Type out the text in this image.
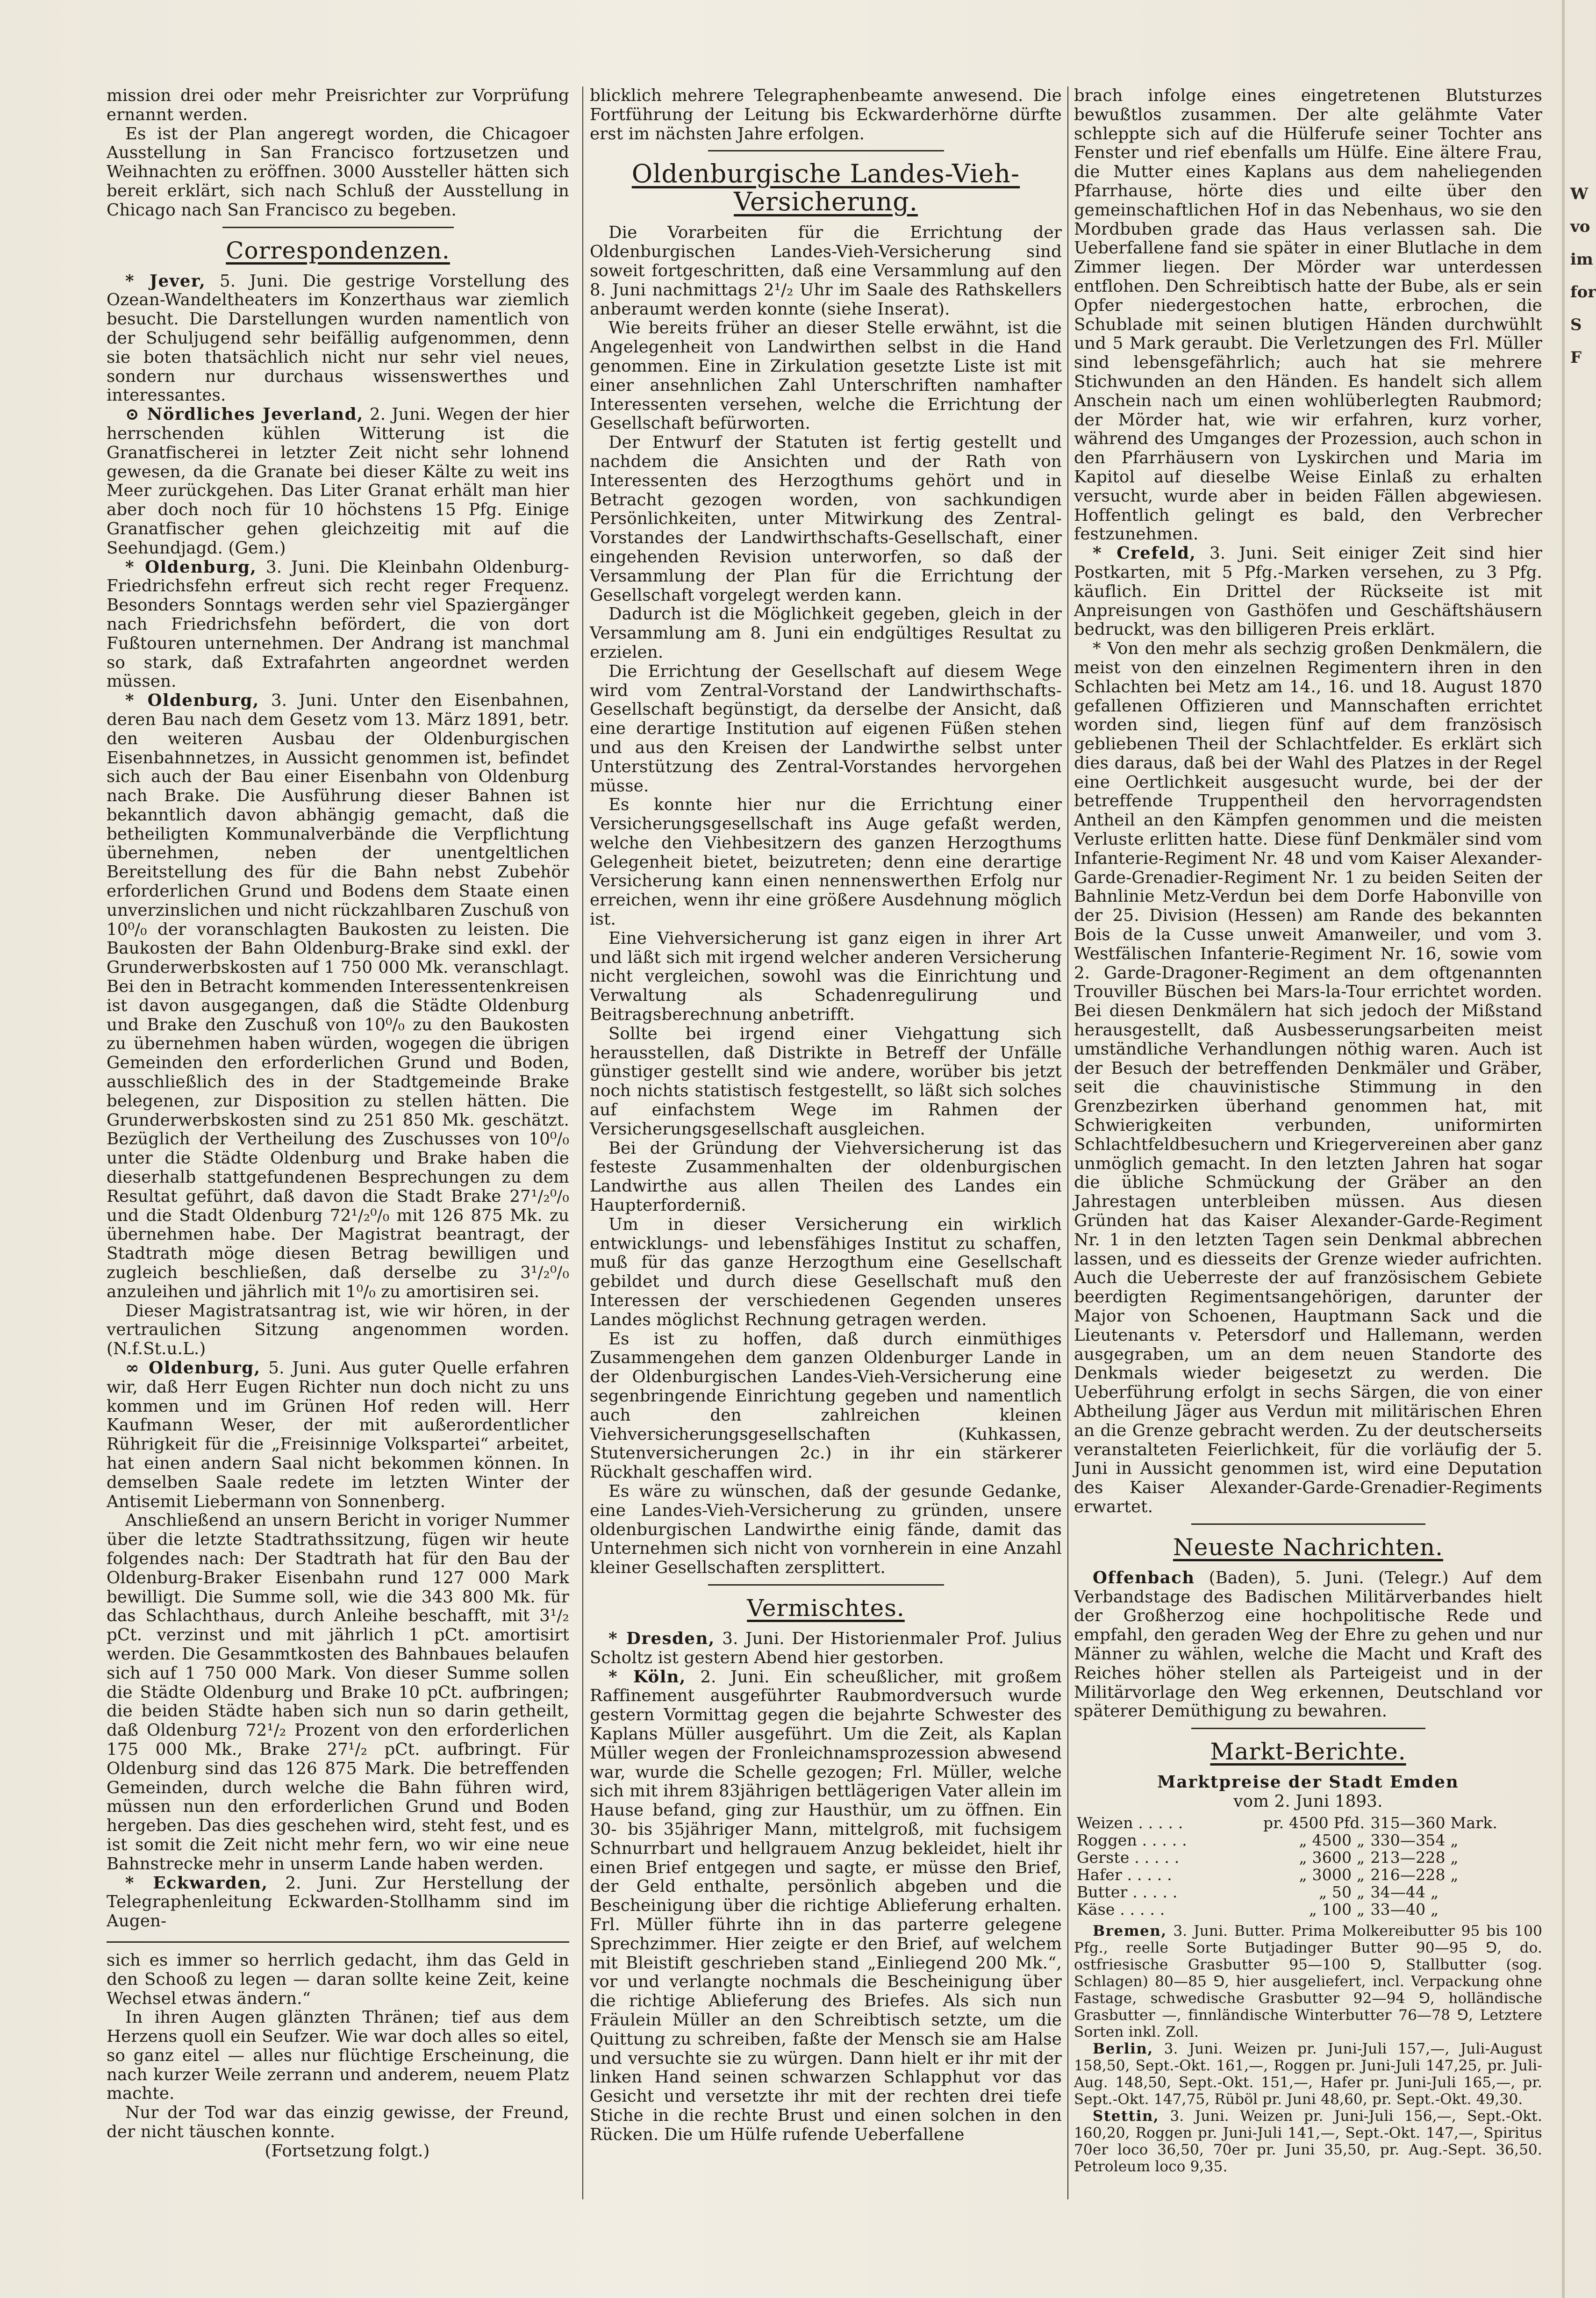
mission drei oder mehr Preisrichter zur Vorprüfung ernannt werden.

Es ist der Plan angeregt worden, die Chicagoer Ausstellung in San Francisco fortzusetzen und Weihnachten zu eröffnen. 3000 Aussteller hätten sich bereit erklärt, sich nach Schluß der Ausstellung in Chicago nach San Francisco zu begeben.

Correspondenzen.

* Jever, 5. Juni. Die gestrige Vorstellung des Ozean-Wandeltheaters im Konzerthaus war ziemlich besucht. Die Darstellungen wurden namentlich von der Schuljugend sehr beifällig aufgenommen, denn sie boten thatsächlich nicht nur sehr viel neues, sondern nur durchaus wissenswerthes und interessantes.

⊙ Nördliches Jeverland, 2. Juni. Wegen der hier herrschenden kühlen Witterung ist die Granatfischerei in letzter Zeit nicht sehr lohnend gewesen, da die Granate bei dieser Kälte zu weit ins Meer zurückgehen. Das Liter Granat erhält man hier aber doch noch für 10 höchstens 15 Pfg. Einige Granatfischer gehen gleichzeitig mit auf die Seehundjagd. (Gem.)

* Oldenburg, 3. Juni. Die Kleinbahn Oldenburg-Friedrichsfehn erfreut sich recht reger Frequenz. Besonders Sonntags werden sehr viel Spaziergänger nach Friedrichsfehn befördert, die von dort Fußtouren unternehmen. Der Andrang ist manchmal so stark, daß Extrafahrten angeordnet werden müssen.

* Oldenburg, 3. Juni. Unter den Eisenbahnen, deren Bau nach dem Gesetz vom 13. März 1891, betr. den weiteren Ausbau der Oldenburgischen Eisenbahnnetzes, in Aussicht genommen ist, befindet sich auch der Bau einer Eisenbahn von Oldenburg nach Brake. Die Ausführung dieser Bahnen ist bekanntlich davon abhängig gemacht, daß die betheiligten Kommunalverbände die Verpflichtung übernehmen, neben der unentgeltlichen Bereitstellung des für die Bahn nebst Zubehör erforderlichen Grund und Bodens dem Staate einen unverzinslichen und nicht rückzahlbaren Zuschuß von 10⁰/₀ der voranschlagten Baukosten zu leisten. Die Baukosten der Bahn Oldenburg-Brake sind exkl. der Grunderwerbskosten auf 1 750 000 Mk. veranschlagt. Bei den in Betracht kommenden Interessentenkreisen ist davon ausgegangen, daß die Städte Oldenburg und Brake den Zuschuß von 10⁰/₀ zu den Baukosten zu übernehmen haben würden, wogegen die übrigen Gemeinden den erforderlichen Grund und Boden, ausschließlich des in der Stadtgemeinde Brake belegenen, zur Disposition zu stellen hätten. Die Grunderwerbskosten sind zu 251 850 Mk. geschätzt. Bezüglich der Vertheilung des Zuschusses von 10⁰/₀ unter die Städte Oldenburg und Brake haben die dieserhalb stattgefundenen Besprechungen zu dem Resultat geführt, daß davon die Stadt Brake 27¹/₂⁰/₀ und die Stadt Oldenburg 72¹/₂⁰/₀ mit 126 875 Mk. zu übernehmen habe. Der Magistrat beantragt, der Stadtrath möge diesen Betrag bewilligen und zugleich beschließen, daß derselbe zu 3¹/₂⁰/₀ anzuleihen und jährlich mit 1⁰/₀ zu amortisiren sei.

Dieser Magistratsantrag ist, wie wir hören, in der vertraulichen Sitzung angenommen worden. (N.f.St.u.L.)

∞ Oldenburg, 5. Juni. Aus guter Quelle erfahren wir, daß Herr Eugen Richter nun doch nicht zu uns kommen und im Grünen Hof reden will. Herr Kaufmann Weser, der mit außerordentlicher Rührigkeit für die „Freisinnige Volkspartei“ arbeitet, hat einen andern Saal nicht bekommen können. In demselben Saale redete im letzten Winter der Antisemit Liebermann von Sonnenberg.

Anschließend an unsern Bericht in voriger Nummer über die letzte Stadtrathssitzung, fügen wir heute folgendes nach: Der Stadtrath hat für den Bau der Oldenburg-Braker Eisenbahn rund 127 000 Mark bewilligt. Die Summe soll, wie die 343 800 Mk. für das Schlachthaus, durch Anleihe beschafft, mit 3¹/₂ pCt. verzinst und mit jährlich 1 pCt. amortisirt werden. Die Gesammtkosten des Bahnbaues belaufen sich auf 1 750 000 Mark. Von dieser Summe sollen die Städte Oldenburg und Brake 10 pCt. aufbringen; die beiden Städte haben sich nun so darin getheilt, daß Oldenburg 72¹/₂ Prozent von den erforderlichen 175 000 Mk., Brake 27¹/₂ pCt. aufbringt. Für Oldenburg sind das 126 875 Mark. Die betreffenden Gemeinden, durch welche die Bahn führen wird, müssen nun den erforderlichen Grund und Boden hergeben. Das dies geschehen wird, steht fest, und es ist somit die Zeit nicht mehr fern, wo wir eine neue Bahnstrecke mehr in unserm Lande haben werden.

* Eckwarden, 2. Juni. Zur Herstellung der Telegraphenleitung Eckwarden-Stollhamm sind im Augen-

sich es immer so herrlich gedacht, ihm das Geld in den Schooß zu legen — daran sollte keine Zeit, keine Wechsel etwas ändern.“

In ihren Augen glänzten Thränen; tief aus dem Herzens quoll ein Seufzer. Wie war doch alles so eitel, so ganz eitel — alles nur flüchtige Erscheinung, die nach kurzer Weile zerrann und anderem, neuem Platz machte.

Nur der Tod war das einzig gewisse, der Freund, der nicht täuschen konnte.

(Fortsetzung folgt.)

blicklich mehrere Telegraphenbeamte anwesend. Die Fortführung der Leitung bis Eckwarderhörne dürfte erst im nächsten Jahre erfolgen.

Oldenburgische Landes-Vieh-Versicherung.

Die Vorarbeiten für die Errichtung der Oldenburgischen Landes-Vieh-Versicherung sind soweit fortgeschritten, daß eine Versammlung auf den 8. Juni nachmittags 2¹/₂ Uhr im Saale des Rathskellers anberaumt werden konnte (siehe Inserat).

Wie bereits früher an dieser Stelle erwähnt, ist die Angelegenheit von Landwirthen selbst in die Hand genommen. Eine in Zirkulation gesetzte Liste ist mit einer ansehnlichen Zahl Unterschriften namhafter Interessenten versehen, welche die Errichtung der Gesellschaft befürworten.

Der Entwurf der Statuten ist fertig gestellt und nachdem die Ansichten und der Rath von Interessenten des Herzogthums gehört und in Betracht gezogen worden, von sachkundigen Persönlichkeiten, unter Mitwirkung des Zentral-Vorstandes der Landwirthschafts-Gesellschaft, einer eingehenden Revision unterworfen, so daß der Versammlung der Plan für die Errichtung der Gesellschaft vorgelegt werden kann.

Dadurch ist die Möglichkeit gegeben, gleich in der Versammlung am 8. Juni ein endgültiges Resultat zu erzielen.

Die Errichtung der Gesellschaft auf diesem Wege wird vom Zentral-Vorstand der Landwirthschafts-Gesellschaft begünstigt, da derselbe der Ansicht, daß eine derartige Institution auf eigenen Füßen stehen und aus den Kreisen der Landwirthe selbst unter Unterstützung des Zentral-Vorstandes hervorgehen müsse.

Es konnte hier nur die Errichtung einer Versicherungsgesellschaft ins Auge gefaßt werden, welche den Viehbesitzern des ganzen Herzogthums Gelegenheit bietet, beizutreten; denn eine derartige Versicherung kann einen nennenswerthen Erfolg nur erreichen, wenn ihr eine größere Ausdehnung möglich ist.

Eine Viehversicherung ist ganz eigen in ihrer Art und läßt sich mit irgend welcher anderen Versicherung nicht vergleichen, sowohl was die Einrichtung und Verwaltung als Schadenregulirung und Beitragsberechnung anbetrifft.

Sollte bei irgend einer Viehgattung sich herausstellen, daß Distrikte in Betreff der Unfälle günstiger gestellt sind wie andere, worüber bis jetzt noch nichts statistisch festgestellt, so läßt sich solches auf einfachstem Wege im Rahmen der Versicherungsgesellschaft ausgleichen.

Bei der Gründung der Viehversicherung ist das festeste Zusammenhalten der oldenburgischen Landwirthe aus allen Theilen des Landes ein Haupterforderniß.

Um in dieser Versicherung ein wirklich entwicklungs- und lebensfähiges Institut zu schaffen, muß für das ganze Herzogthum eine Gesellschaft gebildet und durch diese Gesellschaft muß den Interessen der verschiedenen Gegenden unseres Landes möglichst Rechnung getragen werden.

Es ist zu hoffen, daß durch einmüthiges Zusammengehen dem ganzen Oldenburger Lande in der Oldenburgischen Landes-Vieh-Versicherung eine segenbringende Einrichtung gegeben und namentlich auch den zahlreichen kleinen Viehversicherungsgesellschaften (Kuhkassen, Stutenversicherungen 2c.) in ihr ein stärkerer Rückhalt geschaffen wird.

Es wäre zu wünschen, daß der gesunde Gedanke, eine Landes-Vieh-Versicherung zu gründen, unsere oldenburgischen Landwirthe einig fände, damit das Unternehmen sich nicht von vornherein in eine Anzahl kleiner Gesellschaften zersplittert.

Vermischtes.

* Dresden, 3. Juni. Der Historienmaler Prof. Julius Scholtz ist gestern Abend hier gestorben.

* Köln, 2. Juni. Ein scheußlicher, mit großem Raffinement ausgeführter Raubmordversuch wurde gestern Vormittag gegen die bejahrte Schwester des Kaplans Müller ausgeführt. Um die Zeit, als Kaplan Müller wegen der Fronleichnamsprozession abwesend war, wurde die Schelle gezogen; Frl. Müller, welche sich mit ihrem 83jährigen bettlägerigen Vater allein im Hause befand, ging zur Hausthür, um zu öffnen. Ein 30- bis 35jähriger Mann, mittelgroß, mit fuchsigem Schnurrbart und hellgrauem Anzug bekleidet, hielt ihr einen Brief entgegen und sagte, er müsse den Brief, der Geld enthalte, persönlich abgeben und die Bescheinigung über die richtige Ablieferung erhalten. Frl. Müller führte ihn in das parterre gelegene Sprechzimmer. Hier zeigte er den Brief, auf welchem mit Bleistift geschrieben stand „Einliegend 200 Mk.“, vor und verlangte nochmals die Bescheinigung über die richtige Ablieferung des Briefes. Als sich nun Fräulein Müller an den Schreibtisch setzte, um die Quittung zu schreiben, faßte der Mensch sie am Halse und versuchte sie zu würgen. Dann hielt er ihr mit der linken Hand seinen schwarzen Schlapphut vor das Gesicht und versetzte ihr mit der rechten drei tiefe Stiche in die rechte Brust und einen solchen in den Rücken. Die um Hülfe rufende Ueberfallene

brach infolge eines eingetretenen Blutsturzes bewußtlos zusammen. Der alte gelähmte Vater schleppte sich auf die Hülferufe seiner Tochter ans Fenster und rief ebenfalls um Hülfe. Eine ältere Frau, die Mutter eines Kaplans aus dem naheliegenden Pfarrhause, hörte dies und eilte über den gemeinschaftlichen Hof in das Nebenhaus, wo sie den Mordbuben grade das Haus verlassen sah. Die Ueberfallene fand sie später in einer Blutlache in dem Zimmer liegen. Der Mörder war unterdessen entflohen. Den Schreibtisch hatte der Bube, als er sein Opfer niedergestochen hatte, erbrochen, die Schublade mit seinen blutigen Händen durchwühlt und 5 Mark geraubt. Die Verletzungen des Frl. Müller sind lebensgefährlich; auch hat sie mehrere Stichwunden an den Händen. Es handelt sich allem Anschein nach um einen wohlüberlegten Raubmord; der Mörder hat, wie wir erfahren, kurz vorher, während des Umganges der Prozession, auch schon in den Pfarrhäusern von Lyskirchen und Maria im Kapitol auf dieselbe Weise Einlaß zu erhalten versucht, wurde aber in beiden Fällen abgewiesen. Hoffentlich gelingt es bald, den Verbrecher festzunehmen.

* Crefeld, 3. Juni. Seit einiger Zeit sind hier Postkarten, mit 5 Pfg.-Marken versehen, zu 3 Pfg. käuflich. Ein Drittel der Rückseite ist mit Anpreisungen von Gasthöfen und Geschäftshäusern bedruckt, was den billigeren Preis erklärt.

* Von den mehr als sechzig großen Denkmälern, die meist von den einzelnen Regimentern ihren in den Schlachten bei Metz am 14., 16. und 18. August 1870 gefallenen Offizieren und Mannschaften errichtet worden sind, liegen fünf auf dem französisch gebliebenen Theil der Schlachtfelder. Es erklärt sich dies daraus, daß bei der Wahl des Platzes in der Regel eine Oertlichkeit ausgesucht wurde, bei der der betreffende Truppentheil den hervorragendsten Antheil an den Kämpfen genommen und die meisten Verluste erlitten hatte. Diese fünf Denkmäler sind vom Infanterie-Regiment Nr. 48 und vom Kaiser Alexander-Garde-Grenadier-Regiment Nr. 1 zu beiden Seiten der Bahnlinie Metz-Verdun bei dem Dorfe Habonville von der 25. Division (Hessen) am Rande des bekannten Bois de la Cusse unweit Amanweiler, und vom 3. Westfälischen Infanterie-Regiment Nr. 16, sowie vom 2. Garde-Dragoner-Regiment an dem oftgenannten Trouviller Büschen bei Mars-la-Tour errichtet worden. Bei diesen Denkmälern hat sich jedoch der Mißstand herausgestellt, daß Ausbesserungsarbeiten meist umständliche Verhandlungen nöthig waren. Auch ist der Besuch der betreffenden Denkmäler und Gräber, seit die chauvinistische Stimmung in den Grenzbezirken überhand genommen hat, mit Schwierigkeiten verbunden, uniformirten Schlachtfeldbesuchern und Kriegervereinen aber ganz unmöglich gemacht. In den letzten Jahren hat sogar die übliche Schmückung der Gräber an den Jahrestagen unterbleiben müssen. Aus diesen Gründen hat das Kaiser Alexander-Garde-Regiment Nr. 1 in den letzten Tagen sein Denkmal abbrechen lassen, und es diesseits der Grenze wieder aufrichten. Auch die Ueberreste der auf französischem Gebiete beerdigten Regimentsangehörigen, darunter der Major von Schoenen, Hauptmann Sack und die Lieutenants v. Petersdorf und Hallemann, werden ausgegraben, um an dem neuen Standorte des Denkmals wieder beigesetzt zu werden. Die Ueberführung erfolgt in sechs Särgen, die von einer Abtheilung Jäger aus Verdun mit militärischen Ehren an die Grenze gebracht werden. Zu der deutscherseits veranstalteten Feierlichkeit, für die vorläufig der 5. Juni in Aussicht genommen ist, wird eine Deputation des Kaiser Alexander-Garde-Grenadier-Regiments erwartet.

Neueste Nachrichten.

Offenbach (Baden), 5. Juni. (Telegr.) Auf dem Verbandstage des Badischen Militärverbandes hielt der Großherzog eine hochpolitische Rede und empfahl, den geraden Weg der Ehre zu gehen und nur Männer zu wählen, welche die Macht und Kraft des Reiches höher stellen als Parteigeist und in der Militärvorlage den Weg erkennen, Deutschland vor späterer Demüthigung zu bewahren.

Markt-Berichte.

Marktpreise der Stadt Emden

vom 2. Juni 1893.

Weizen . . . . .	pr. 4500 Pfd.	315—360 Mark.
Roggen . . . . .	„ 4500 „	330—354 „
Gerste . . . . .	„ 3600 „	213—228 „
Hafer . . . . .	„ 3000 „	216—228 „
Butter . . . . .	„ 50 „	34—44 „
Käse . . . . .	„ 100 „	33—40 „

Bremen, 3. Juni. Butter. Prima Molkereibutter 95 bis 100 Pfg., reelle Sorte Butjadinger Butter 90—95 ⅁, do. ostfriesische Grasbutter 95—100 ⅁, Stallbutter (sog. Schlagen) 80—85 ⅁, hier ausgeliefert, incl. Verpackung ohne Fastage, schwedische Grasbutter 92—94 ⅁, holländische Grasbutter —, finnländische Winterbutter 76—78 ⅁, Letztere Sorten inkl. Zoll.

Berlin, 3. Juni. Weizen pr. Juni-Juli 157,—, Juli-August 158,50, Sept.-Okt. 161,—, Roggen pr. Juni-Juli 147,25, pr. Juli-Aug. 148,50, Sept.-Okt. 151,—, Hafer pr. Juni-Juli 165,—, pr. Sept.-Okt. 147,75, Rüböl pr. Juni 48,60, pr. Sept.-Okt. 49,30.

Stettin, 3. Juni. Weizen pr. Juni-Juli 156,—, Sept.-Okt. 160,20, Roggen pr. Juni-Juli 141,—, Sept.-Okt. 147,—, Spiritus 70er loco 36,50, 70er pr. Juni 35,50, pr. Aug.-Sept. 36,50. Petroleum loco 9,35.

W
vo
im
for
S
F
